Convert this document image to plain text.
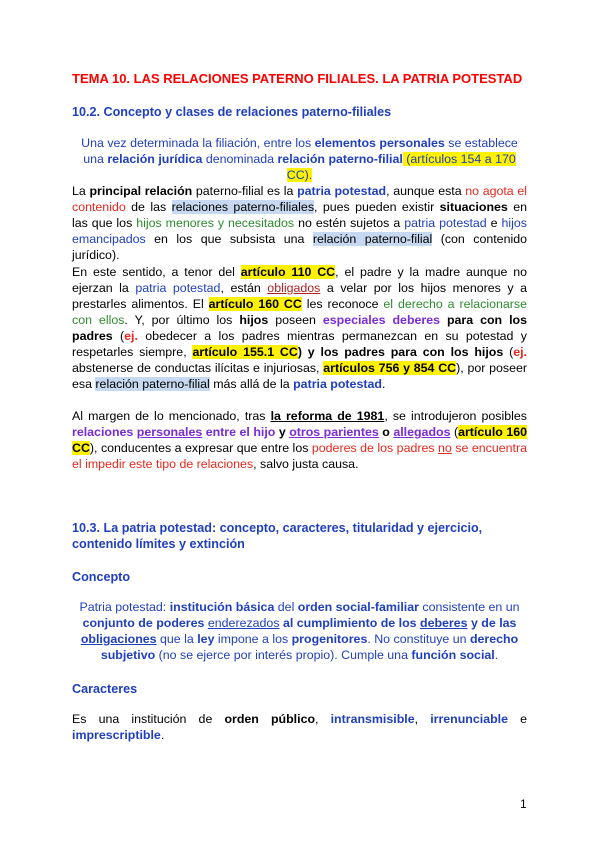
TEMA 10. LAS RELACIONES PATERNO FILIALES. LA PATRIA POTESTAD
10.2. Concepto y clases de relaciones paterno-filiales
Una vez determinada la filiación, entre los elementos personales se establece una relación jurídica denominada relación paterno-filial (artículos 154 a 170 CC).
La principal relación paterno-filial es la patria potestad, aunque esta no agota el contenido de las relaciones paterno-filiales, pues pueden existir situaciones en las que los hijos menores y necesitados no estén sujetos a patria potestad e hijos emancipados en los que subsista una relación paterno-filial (con contenido jurídico).
En este sentido, a tenor del artículo 110 CC, el padre y la madre aunque no ejerzan la patria potestad, están obligados a velar por los hijos menores y a prestarles alimentos. El artículo 160 CC les reconoce el derecho a relacionarse con ellos. Y, por último los hijos poseen especiales deberes para con los padres (ej. obedecer a los padres mientras permanezcan en su potestad y respetarles siempre, artículo 155.1 CC) y los padres para con los hijos (ej. abstenerse de conductas ilícitas e injuriosas, artículos 756 y 854 CC), por poseer esa relación paterno-filial más allá de la patria potestad.
Al margen de lo mencionado, tras la reforma de 1981, se introdujeron posibles relaciones personales entre el hijo y otros parientes o allegados (artículo 160 CC), conducentes a expresar que entre los poderes de los padres no se encuentra el impedir este tipo de relaciones, salvo justa causa.
10.3. La patria potestad: concepto, caracteres, titularidad y ejercicio, contenido límites y extinción
Concepto
Patria potestad: institución básica del orden social-familiar consistente en un conjunto de poderes enderezados al cumplimiento de los deberes y de las obligaciones que la ley impone a los progenitores. No constituye un derecho subjetivo (no se ejerce por interés propio). Cumple una función social.
Caracteres
Es una institución de orden público, intransmisible, irrenunciable e imprescriptible.
1
